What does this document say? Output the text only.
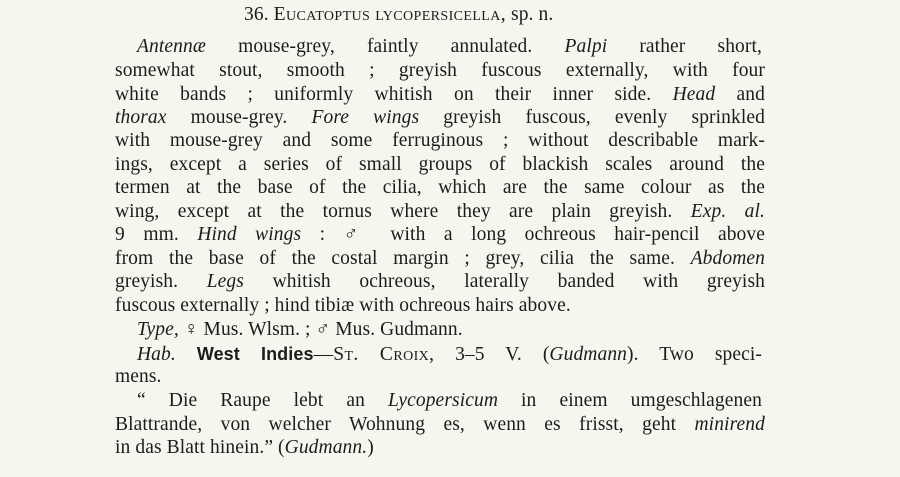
36. Eucatoptus lycopersicella, sp. n.
Antennæ mouse-grey, faintly annulated. Palpi rather short,
somewhat stout, smooth ; greyish fuscous externally, with four
white bands ; uniformly whitish on their inner side. Head and
thorax mouse-grey. Fore wings greyish fuscous, evenly sprinkled
with mouse-grey and some ferruginous ; without describable mark-
ings, except a series of small groups of blackish scales around the
termen at the base of the cilia, which are the same colour as the
wing, except at the tornus where they are plain greyish. Exp. al.
9 mm. Hind wings : ♂ with a long ochreous hair-pencil above
from the base of the costal margin ; grey, cilia the same. Abdomen
greyish. Legs whitish ochreous, laterally banded with greyish
fuscous externally ; hind tibiæ with ochreous hairs above.
Type, ♀ Mus. Wlsm. ; ♂ Mus. Gudmann.
Hab. West Indies—St. Croix, 3–5 V. (Gudmann). Two speci-
mens.
“ Die Raupe lebt an Lycopersicum in einem umgeschlagenen
Blattrande, von welcher Wohnung es, wenn es frisst, geht minirend
in das Blatt hinein.” (Gudmann.)
